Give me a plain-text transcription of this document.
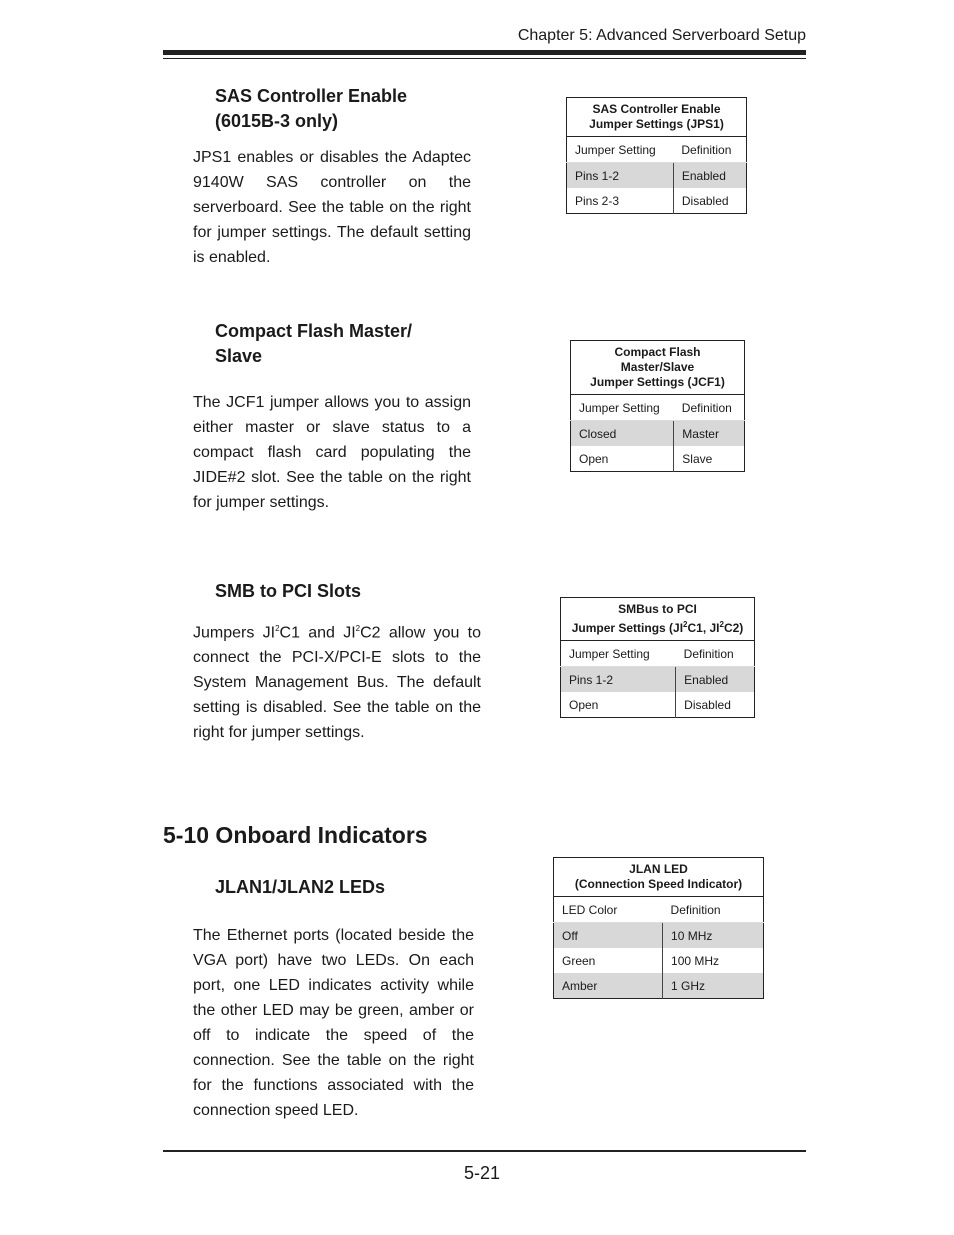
Chapter 5: Advanced Serverboard Setup
SAS Controller Enable
(6015B-3 only)

JPS1 enables or disables the Adaptec 9140W SAS controller on the serverboard. See the table on the right for jumper settings. The default setting is enabled.

SAS Controller Enable
Jumper Settings (JPS1)	

Jumper Setting	Definition
Pins 1-2	Enabled
Pins 2-3	Disabled
Compact Flash Master/
Slave

The JCF1 jumper allows you to assign either master or slave status to a compact flash card populating the JIDE#2 slot. See the table on the right for jumper settings.

Compact Flash
Master/Slave
Jumper Settings (JCF1)	

Jumper Setting	Definition
Closed	Master
Open	Slave
SMB to PCI Slots

Jumpers $JI^2C1$ and $JI^2C2$ allow you to connect the PCI-X/PCI-E slots to the System Management Bus. The default setting is disabled. See the table on the right for jumper settings.

SMBus to PCI
Jumper Settings ($JI^2C1$, $JI^2C2$)	

Jumper Setting	Definition
Pins 1-2	Enabled
Open	Disabled
5-10 Onboard Indicators
JLAN1/JLAN2 LEDs

The Ethernet ports (located beside the VGA port) have two LEDs. On each port, one LED indicates activity while the other LED may be green, amber or off to indicate the speed of the connection. See the table on the right for the functions associated with the connection speed LED.

JLAN LED
(Connection Speed Indicator)	

LED Color	Definition
Off	10 MHz
Green	100 MHz
Amber	1 GHz
5-21
